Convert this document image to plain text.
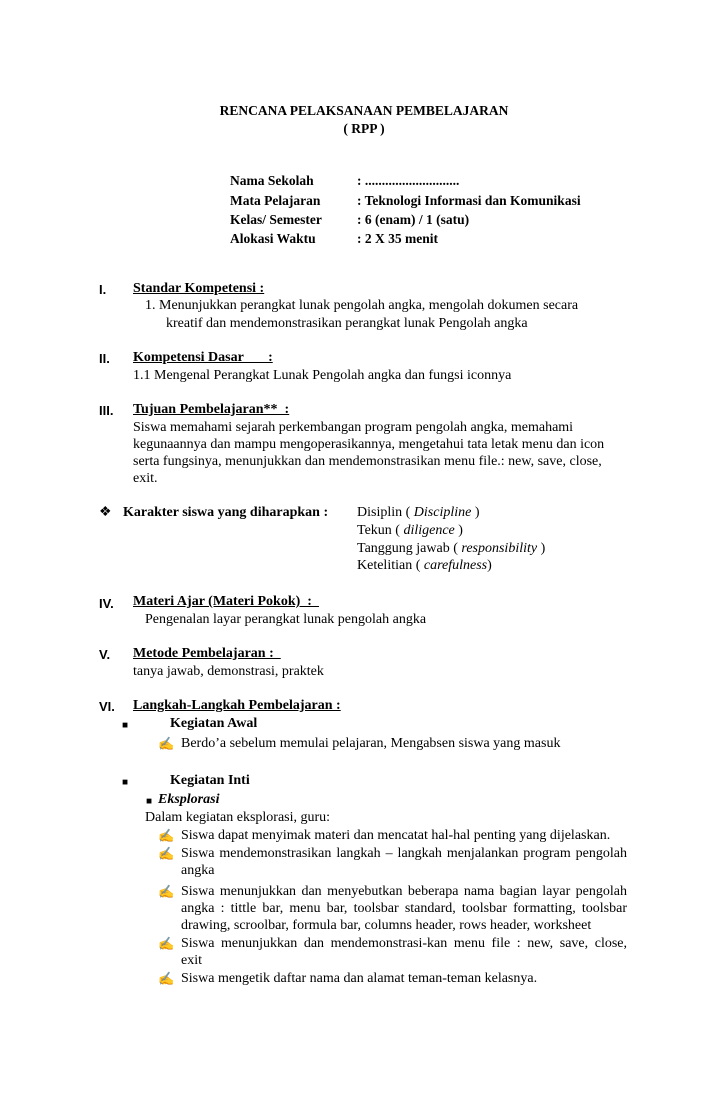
RENCANA PELAKSANAAN PEMBELAJARAN
( RPP )
Nama Sekolah	: ............................
Mata Pelajaran	: Teknologi Informasi dan Komunikasi
Kelas/ Semester	: 6 (enam) / 1 (satu)
Alokasi Waktu	: 2 X 35 menit
I. Standar Kompetensi :
1. Menunjukkan perangkat lunak pengolah angka, mengolah dokumen secara
kreatif dan mendemonstrasikan perangkat lunak Pengolah angka
II. Kompetensi Dasar       :
1.1 Mengenal Perangkat Lunak Pengolah angka dan fungsi iconnya
III. Tujuan Pembelajaran**  :
Siswa memahami sejarah perkembangan program pengolah angka, memahami
kegunaannya dan mampu mengoperasikannya, mengetahui tata letak menu dan icon
serta fungsinya, menunjukkan dan mendemonstrasikan menu file.: new, save, close,
exit.
❖ Karakter siswa yang diharapkan : Disiplin ( Discipline )
Tekun ( diligence )
Tanggung jawab ( responsibility )
Ketelitian ( carefulness)
IV. Materi Ajar (Materi Pokok)  :
Pengenalan layar perangkat lunak pengolah angka
V. Metode Pembelajaran :
tanya jawab, demonstrasi, praktek
VI. Langkah-Langkah Pembelajaran :
■	Kegiatan Awal
✍ Berdo’a sebelum memulai pelajaran, Mengabsen siswa yang masuk
■	Kegiatan Inti
■ Eksplorasi
Dalam kegiatan eksplorasi, guru:
✍ Siswa dapat menyimak materi dan mencatat hal-hal penting yang dijelaskan.
✍ Siswa mendemonstrasikan langkah – langkah menjalankan program pengolah
angka
✍ Siswa menunjukkan dan menyebutkan beberapa nama bagian layar pengolah
angka : tittle bar, menu bar, toolsbar standard, toolsbar formatting, toolsbar
drawing, scroolbar, formula bar, columns header, rows header, worksheet
✍ Siswa menunjukkan dan mendemonstrasi-kan menu file : new, save, close,
exit
✍ Siswa mengetik daftar nama dan alamat teman-teman kelasnya.
